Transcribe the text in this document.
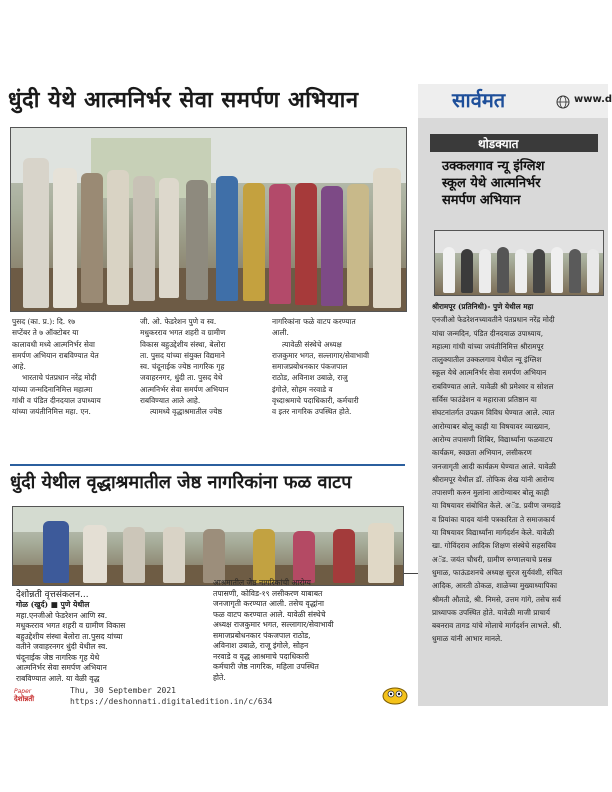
धुंदी येथे आत्मनिर्भर सेवा समर्पण अभियान
पुसद (का. प्र.): दि. १७
सप्टेंबर ते ७ ऑक्टोबर या
कालावधी मध्ये आत्मनिर्भर सेवा
समर्पण अभियान राबविण्यात येत
आहे.
भारताचे पंतप्रधान नरेंद्र मोदी
यांच्या जन्मदिनानिमित्त महात्मा
गांधी व पंडित दीनदयाल उपाध्याय
यांच्या जयंतीनिमित्त महा. एन.
जी. ओ. फेडरेशन पुणे व स्व.
मधुकरराव भगत शहरी व ग्रामीण
विकास बहुउद्देशीय संस्था, बेलोरा
ता. पुसद यांच्या संयुक्त विद्यमाने
स्व. चंदूनाईक ज्येष्ठ नागरिक गृह
जवाहरनगर, धुंदी ता. पुसद येथे
आत्मनिर्भर सेवा समर्पण अभियान
राबविण्यात आले आहे.
त्यामध्ये वृद्धाश्रमातील ज्येष्ठ
नागरिकांना फळे वाटप करण्यात
आली.
त्यावेळी संस्थेचे अध्यक्ष
राजकुमार भगत, सल्लागार/सेवाभावी
समाजप्रबोधनकार पंकजपाल
राठोड, अविनाश उबाळे, राजु
इंगोले, सोहम नरवाडे व
वृध्दाश्रमाचे पदाधिकारी, कर्मचारी
व इतर नागरिक उपस्थित होते.
धुंदी येथील वृद्धाश्रमातील जेष्ठ नागरिकांना फळ वाटप
देशोन्नती वृत्तसंकलन...
गोळ (खुर्द) ■ पुणे येथील
महा.एनजीओ फेडरेशन आणि स्व.
मधुकरराव भगत शहरी व ग्रामीण विकास
बहुउद्देशीय संस्था बेलोरा ता.पुसद यांच्या
वतीने जवाहरनगर धुंदी येथील स्व.
चंदूनाईक जेष्ठ नागरिक गृह येथे
आत्मनिर्भर सेवा समर्पण अभियान
राबविण्यात आले. या वेळी वृद्ध
आश्रमातील जेष्ठ नागरिकांची आरोग्य
तपासणी, कोविड-१९ लसीकरण याबाबत
जनजागृती करण्यात आली. तसेच वृद्धांना
फळ वाटप करण्यात आले. यावेळी संस्थेचे
अध्यक्ष राजकुमार भगत, सल्लागार/सेवाभावी
समाजप्रबोधनकार पंकजपाल राठोड,
अविनाश उबाळे, राजू इंगोले, सोहन
नरवाडे व वृद्ध आश्रमाचे पदाधिकारी
कर्मचारी जेष्ठ नागरिक, महिला उपस्थित
होते.
Paper
देशोन्नती
Thu, 30 September 2021
https://deshonnati.digitaledition.in/c/634
सार्वमत	www.d
थोडक्यात
उक्कलगाव न्यू इंग्लिश
स्कूल येथे आत्मनिर्भर
समर्पण अभियान
श्रीरामपूर (प्रतिनिधी)- पुणे येथील महा
एनजीओ फेडरेशनच्यावतीने पंतप्रधान नरेंद्र मोदी
यांचा जन्मदिन, पंडित दीनदयाळ उपाध्याय,
महात्मा गांधी यांच्या जयंतीनिमित्त श्रीरामपूर
तालुक्यातील उक्कलगाव येथील न्यू इंग्लिश
स्कूल येथे आत्मनिर्भर सेवा समर्पण अभियान
राबविण्यात आले. यावेळी श्री प्रमेश्वर व सोशल
सर्विस फाउंडेशन व महाराजा प्रतिष्ठान या
संघटनांतर्गत उपक्रम विविध घेण्यात आले. त्यात
आरोग्याबर बोलू काही या विषयावर व्याख्यान,
आरोग्य तपासणी शिबिर, विद्यार्थ्यांना फळवाटप
कार्यक्रम, स्वछता अभियान, लसीकरण
जनजागृती आदी कार्यक्रम घेण्यात आले. यावेळी
श्रीरामपूर येथील डॉ. तोफिक शेख यांनी आरोग्य
तपासणी करुन मुलांना आरोग्याबर बोलू काही
या विषयावर संबोधित केले. अॅड. प्रवीण जमदाडे
व प्रियांका यादव यांनी पत्रकारिता ते समाजकार्य
या विषयावर विद्यार्थ्यांना मार्गदर्शन केले. यावेळी
खा. गोविंदराव आदिक शिक्षण संस्थेचे सहसचिव
अॅड. जयंत चौधरी, ग्रामीण रुग्णालयाचे प्रसन्न
धुमाळ, फाऊंडशनचे अध्यक्ष सुरज सुर्यवंशी, संचित
आदिक, आरती ठोकळ, शाळेच्या मुख्याध्यापिका
श्रीमती औताडे, श्री. निमसे, उत्तम गांगे, तसेच सर्व
प्राध्यापक उपस्थित होते. यावेळी माजी प्राचार्य
बबनराव तागड यांचे मोलाचे मार्गदर्शन लाभले. श्री.
धुमाळ यांनी आभार मानले.
